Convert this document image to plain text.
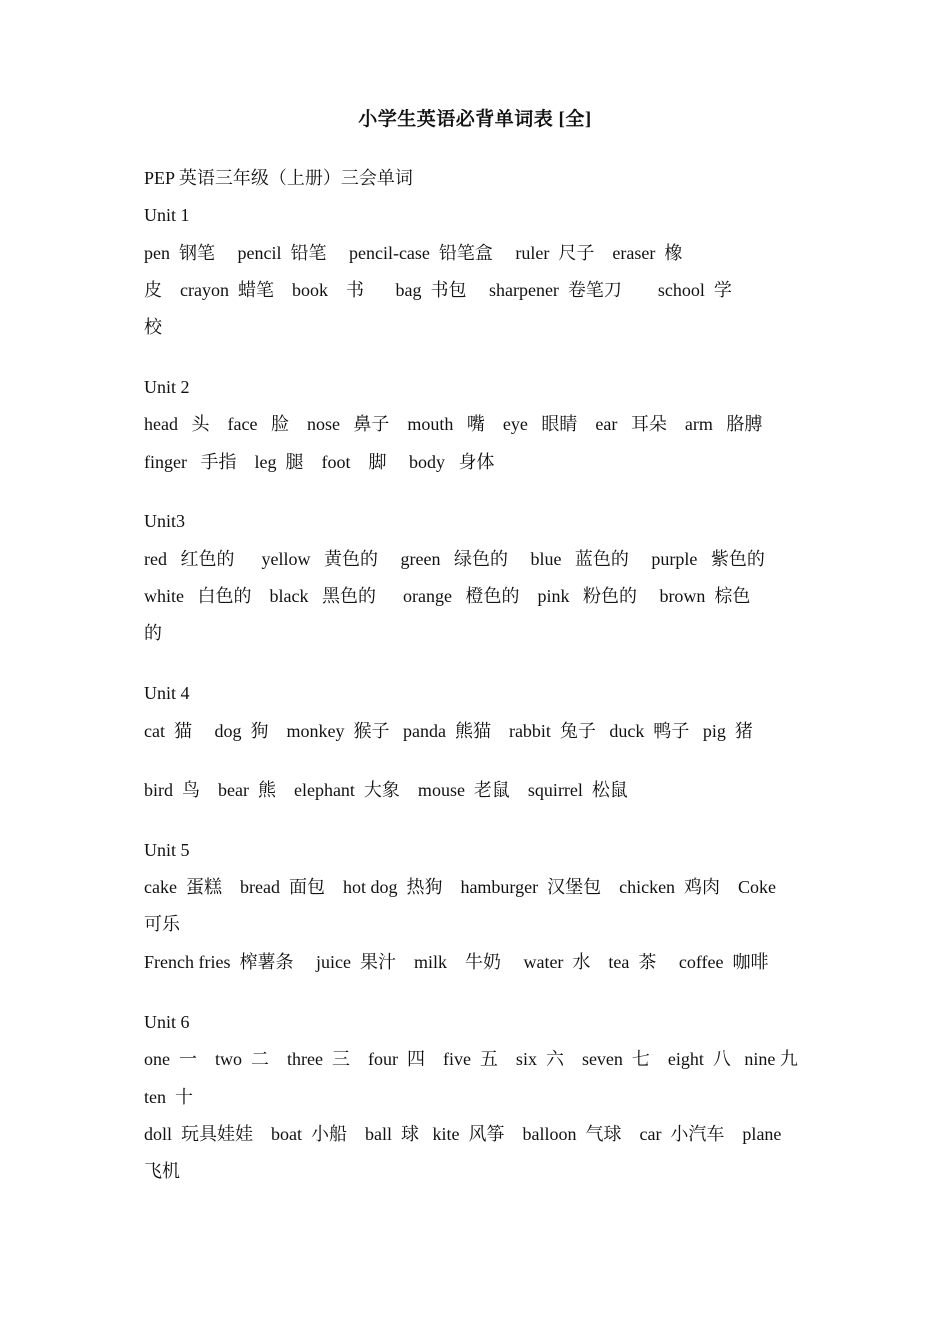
小学生英语必背单词表 [全]
PEP 英语三年级（上册）三会单词
Unit 1
pen  钢笔     pencil  铅笔     pencil-case  铅笔盒     ruler  尺子    eraser  橡
皮    crayon  蜡笔    book    书       bag  书包     sharpener  卷笔刀        school  学
校
Unit 2
head   头    face   脸    nose   鼻子    mouth   嘴    eye   眼睛    ear   耳朵    arm   胳膊
finger   手指    leg  腿    foot    脚     body   身体
Unit3
red   红色的      yellow   黄色的     green   绿色的     blue   蓝色的     purple   紫色的
white   白色的    black   黑色的      orange   橙色的    pink   粉色的     brown  棕色
的
Unit 4
cat  猫     dog  狗    monkey  猴子   panda  熊猫    rabbit  兔子   duck  鸭子   pig  猪
bird  鸟    bear  熊    elephant  大象    mouse  老鼠    squirrel  松鼠
Unit 5
cake  蛋糕    bread  面包    hot dog  热狗    hamburger  汉堡包    chicken  鸡肉    Coke
可乐
French fries  榨薯条     juice  果汁    milk    牛奶     water  水    tea  茶     coffee  咖啡
Unit 6
one  一    two  二    three  三    four  四    five  五    six  六    seven  七    eight  八   nine 九
ten  十
doll  玩具娃娃    boat  小船    ball  球   kite  风筝    balloon  气球    car  小汽车    plane
飞机
